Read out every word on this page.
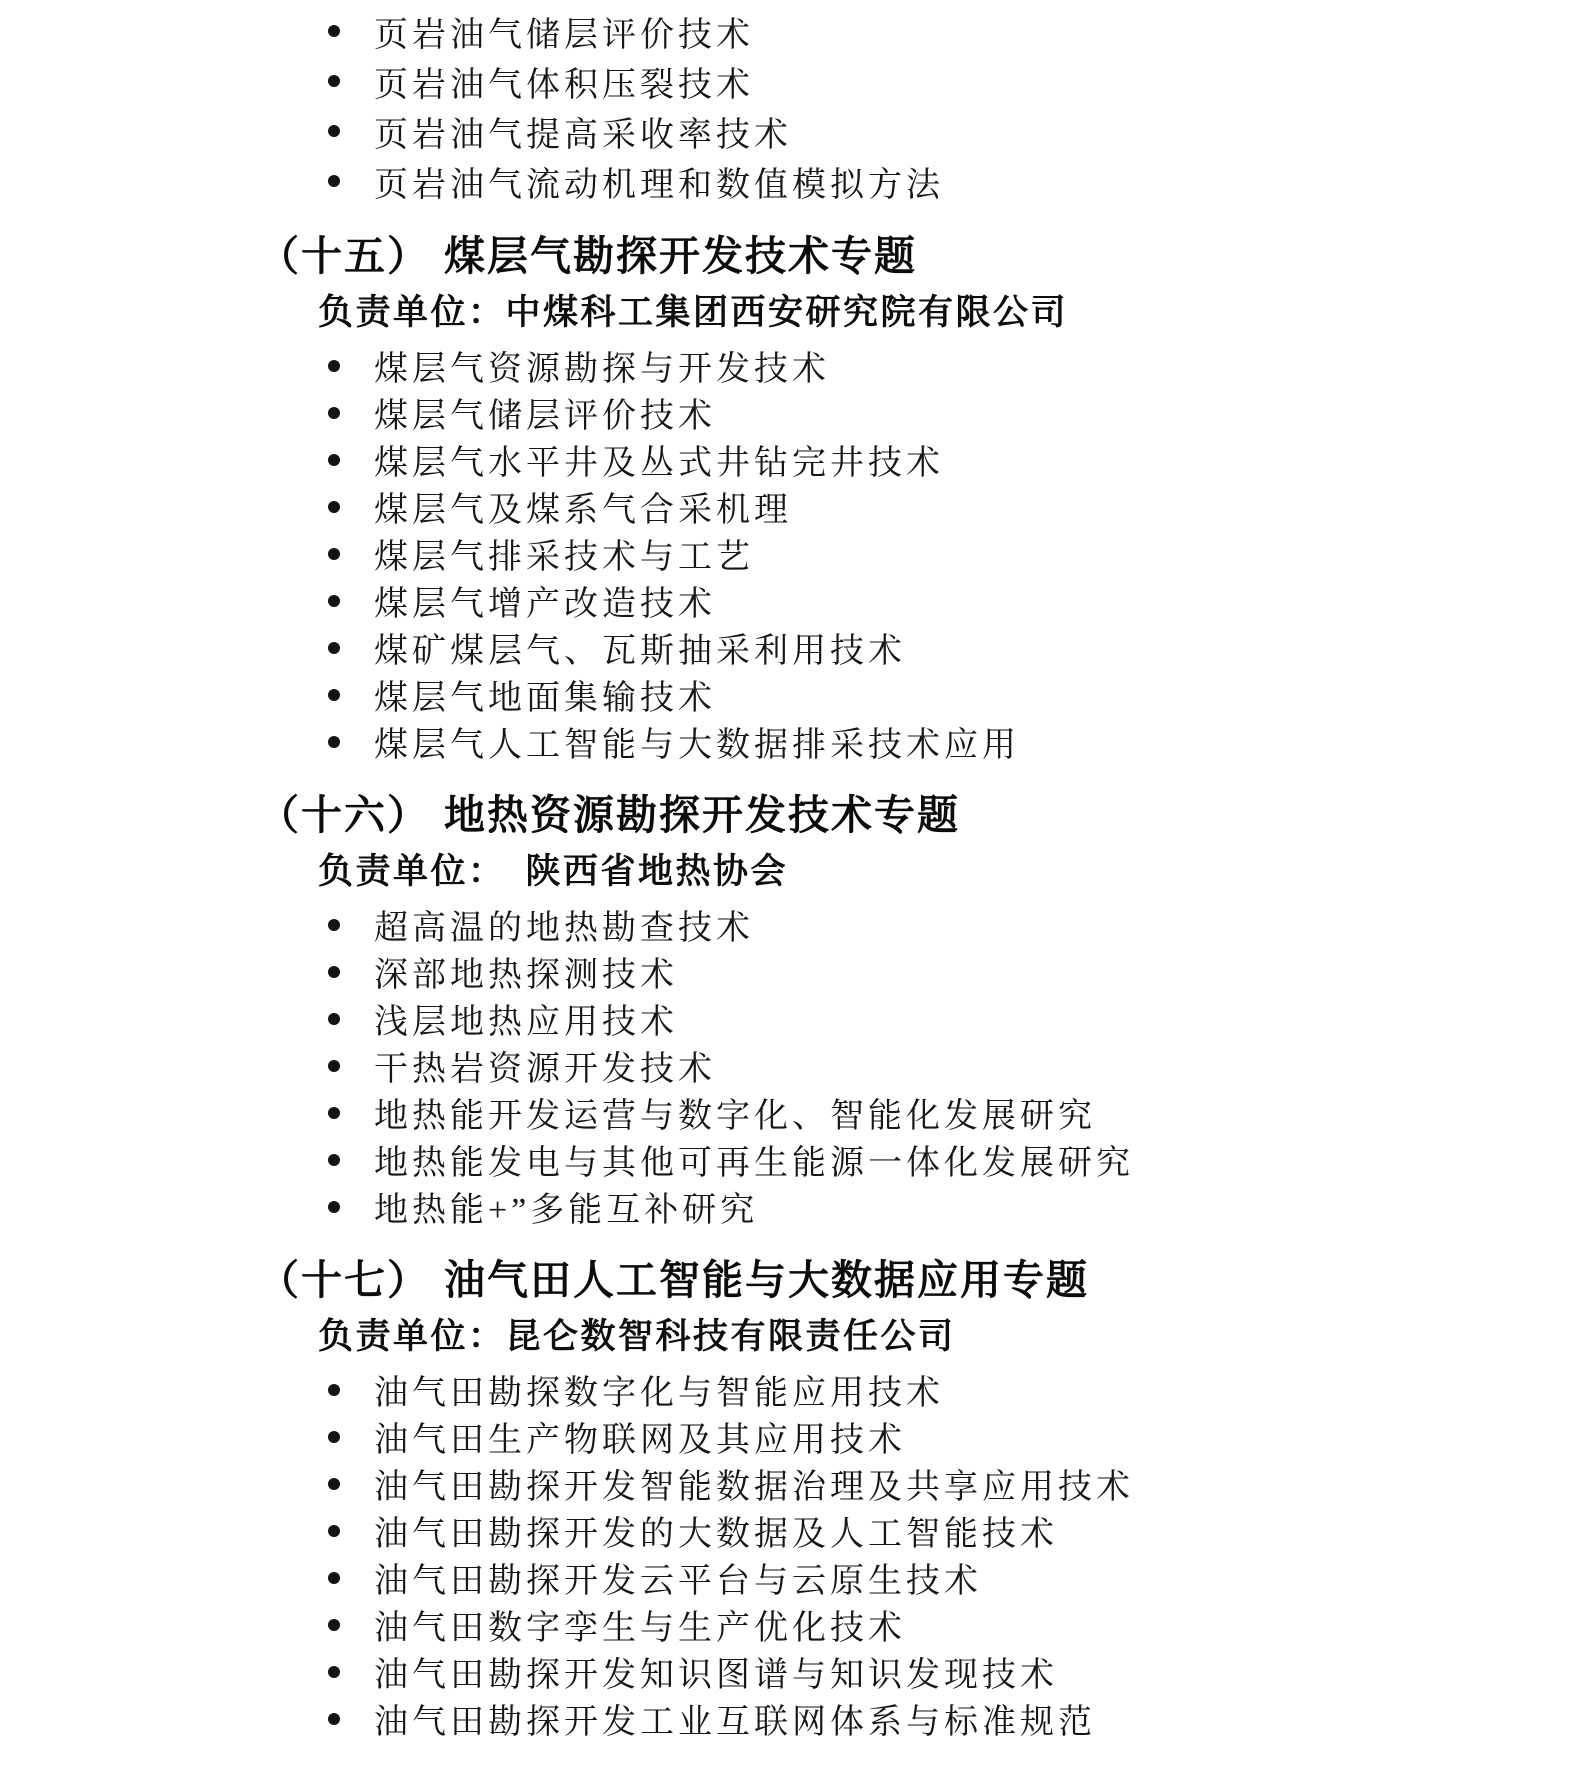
页岩油气储层评价技术
页岩油气体积压裂技术
页岩油气提高采收率技术
页岩油气流动机理和数值模拟方法
（十五） 煤层气勘探开发技术专题

负责单位：中煤科工集团西安研究院有限公司

煤层气资源勘探与开发技术
煤层气储层评价技术
煤层气水平井及丛式井钻完井技术
煤层气及煤系气合采机理
煤层气排采技术与工艺
煤层气增产改造技术
煤矿煤层气、瓦斯抽采利用技术
煤层气地面集输技术
煤层气人工智能与大数据排采技术应用
（十六） 地热资源勘探开发技术专题

负责单位：　陕西省地热协会

超高温的地热勘查技术
深部地热探测技术
浅层地热应用技术
干热岩资源开发技术
地热能开发运营与数字化、智能化发展研究
地热能发电与其他可再生能源一体化发展研究
地热能+”多能互补研究
（十七） 油气田人工智能与大数据应用专题

负责单位：昆仑数智科技有限责任公司

油气田勘探数字化与智能应用技术
油气田生产物联网及其应用技术
油气田勘探开发智能数据治理及共享应用技术
油气田勘探开发的大数据及人工智能技术
油气田勘探开发云平台与云原生技术
油气田数字孪生与生产优化技术
油气田勘探开发知识图谱与知识发现技术
油气田勘探开发工业互联网体系与标准规范
